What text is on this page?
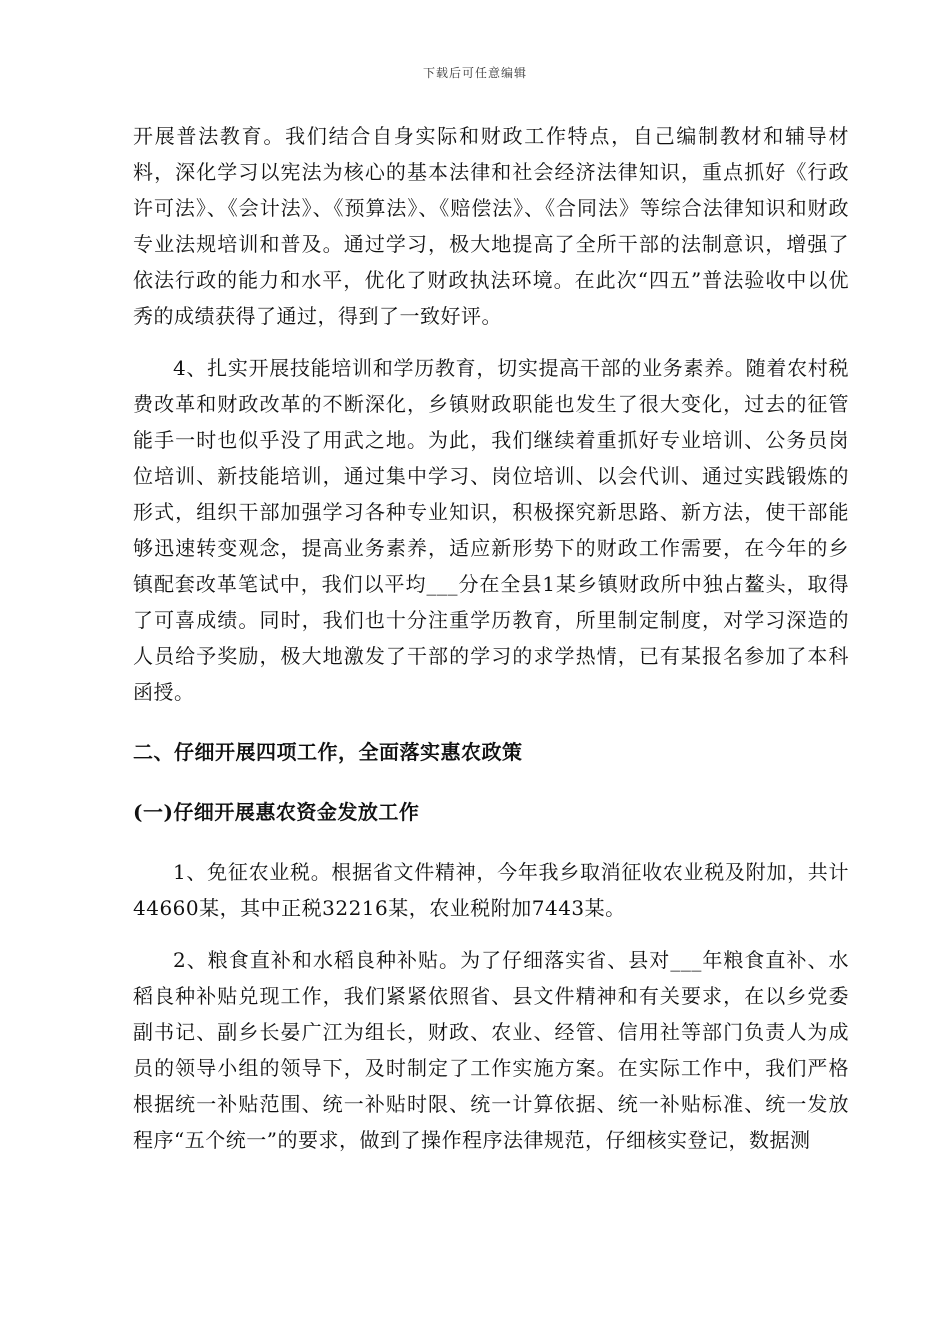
下载后可任意编辑

开展普法教育。我们结合自身实际和财政工作特点，自己编制教材和辅导材料，深化学习以宪法为核心的基本法律和社会经济法律知识，重点抓好《行政许可法》、《会计法》、《预算法》、《赔偿法》、《合同法》等综合法律知识和财政专业法规培训和普及。通过学习，极大地提高了全所干部的法制意识，增强了依法行政的能力和水平，优化了财政执法环境。在此次“四五”普法验收中以优秀的成绩获得了通过，得到了一致好评。

4、扎实开展技能培训和学历教育，切实提高干部的业务素养。随着农村税费改革和财政改革的不断深化，乡镇财政职能也发生了很大变化，过去的征管能手一时也似乎没了用武之地。为此，我们继续着重抓好专业培训、公务员岗位培训、新技能培训，通过集中学习、岗位培训、以会代训、通过实践锻炼的形式，组织干部加强学习各种专业知识，积极探究新思路、新方法，使干部能够迅速转变观念，提高业务素养，适应新形势下的财政工作需要，在今年的乡镇配套改革笔试中，我们以平均___分在全县1某乡镇财政所中独占鳌头，取得了可喜成绩。同时，我们也十分注重学历教育，所里制定制度，对学习深造的人员给予奖励，极大地激发了干部的学习的求学热情，已有某报名参加了本科函授。

二、仔细开展四项工作，全面落实惠农政策

(一)仔细开展惠农资金发放工作

1、免征农业税。根据省文件精神，今年我乡取消征收农业税及附加，共计44660某，其中正税32216某，农业税附加7443某。

2、粮食直补和水稻良种补贴。为了仔细落实省、县对___年粮食直补、水稻良种补贴兑现工作，我们紧紧依照省、县文件精神和有关要求，在以乡党委副书记、副乡长晏广江为组长，财政、农业、经管、信用社等部门负责人为成员的领导小组的领导下，及时制定了工作实施方案。在实际工作中，我们严格根据统一补贴范围、统一补贴时限、统一计算依据、统一补贴标准、统一发放程序“五个统一”的要求，做到了操作程序法律规范，仔细核实登记，数据测
